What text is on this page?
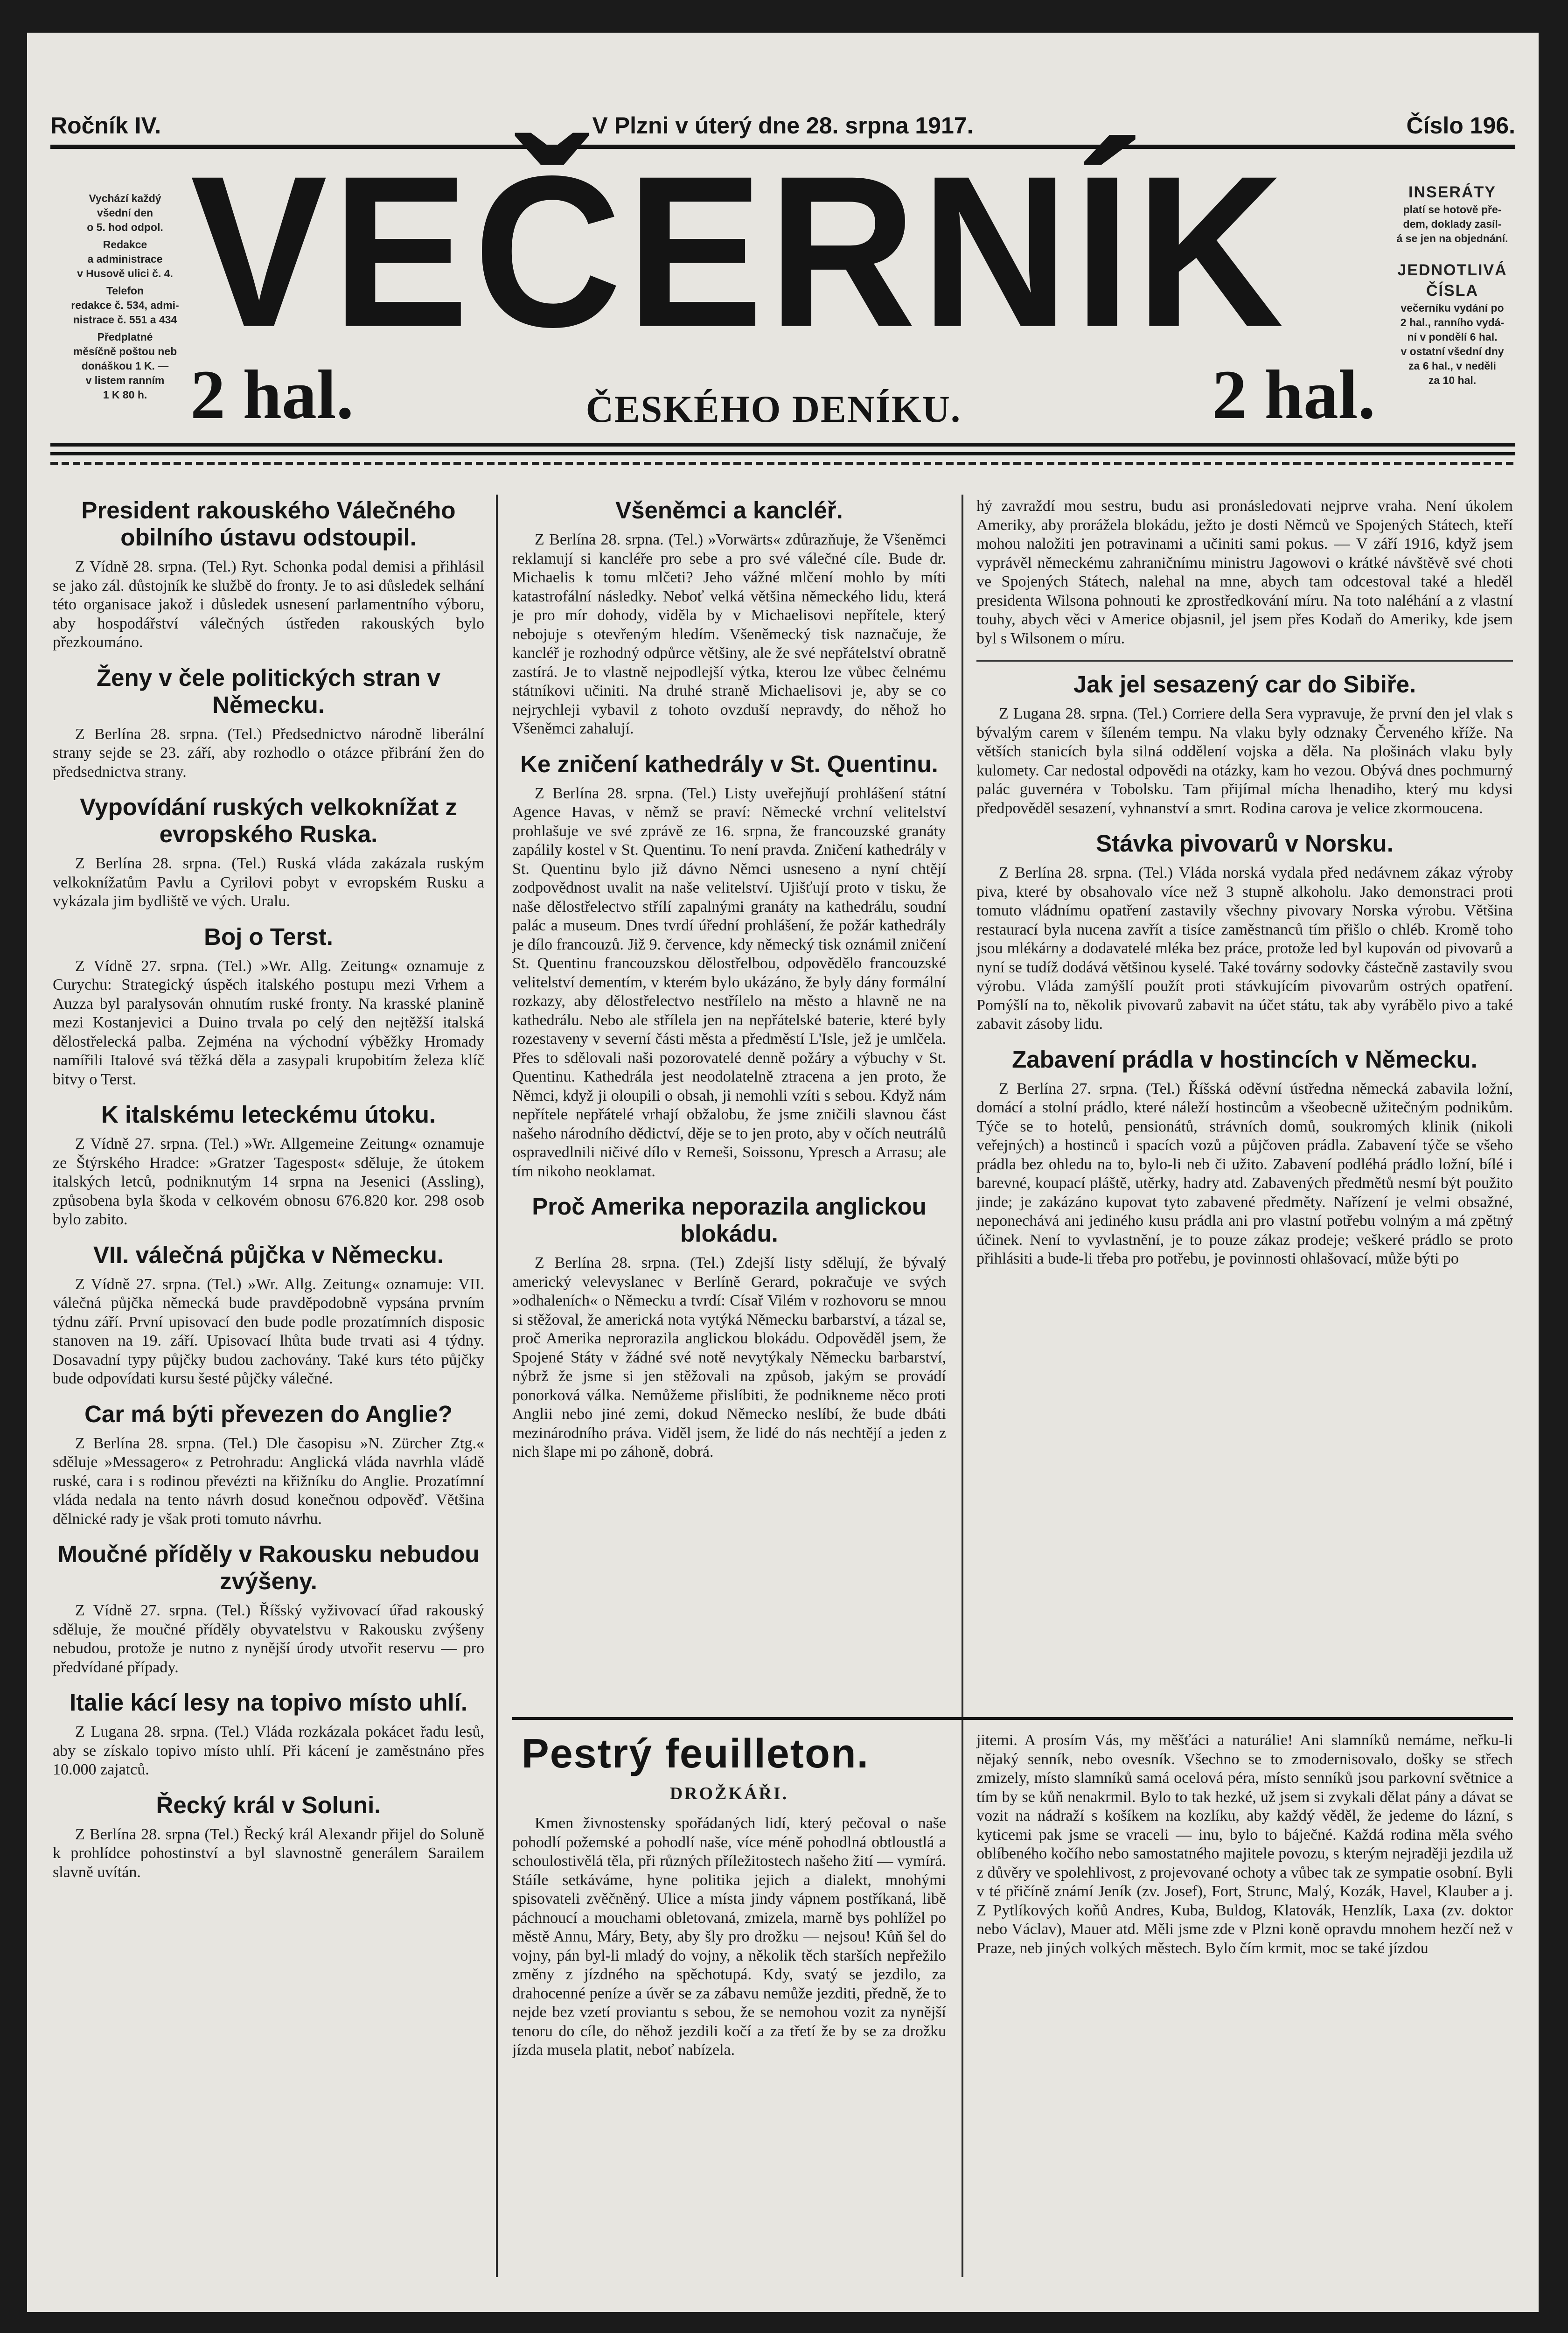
Ročník IV.	V Plzni v úterý dne 28. srpna 1917.	Číslo 196.
Vychází každý
všední den
o 5. hod odpol.
Redakce
a administrace
v Husově ulici č. 4.
Telefon
redakce č. 534, admi-
nistrace č. 551 a 434
Předplatné
měsíčně poštou neb
donáškou 1 K. —
v listem ranním
1 K 80 h.
VEČERNÍK
2 hal.	ČESKÉHO DENÍKU.	2 hal.
INSERÁTY
platí se hotově pře-
dem, doklady zasíl-
á se jen na objednání.
JEDNOTLIVÁ ČÍSLA
večerníku vydání po
2 hal., ranního vydá-
ní v pondělí 6 hal.
v ostatní všední dny
za 6 hal., v neděli
za 10 hal.
President rakouského Válečného obilního ústavu odstoupil.

Z Vídně 28. srpna. (Tel.) Ryt. Schonka podal demisi a přihlásil se jako zál. důstojník ke službě do fronty. Je to asi důsledek selhání této organisace jakož i důsledek usnesení parlamentního výboru, aby hospodářství válečných ústředen rakouských bylo přezkoumáno.

Ženy v čele politických stran v Německu.

Z Berlína 28. srpna. (Tel.) Předsednictvo národně liberální strany sejde se 23. září, aby rozhodlo o otázce přibrání žen do předsednictva strany.

Vypovídání ruských velkoknížat z evropského Ruska.

Z Berlína 28. srpna. (Tel.) Ruská vláda zakázala ruským velkoknížatům Pavlu a Cyrilovi pobyt v evropském Rusku a vykázala jim bydliště ve vých. Uralu.

Boj o Terst.

Z Vídně 27. srpna. (Tel.) »Wr. Allg. Zeitung« oznamuje z Curychu: Strategický úspěch italského postupu mezi Vrhem a Auzza byl paralysován ohnutím ruské fronty. Na krasské planině mezi Kostanjevici a Duino trvala po celý den nejtěžší italská dělostřelecká palba. Zejména na východní výběžky Hromady namířili Italové svá těžká děla a zasypali krupobitím železa klíč bitvy o Terst.

K italskému leteckému útoku.

Z Vídně 27. srpna. (Tel.) »Wr. Allgemeine Zeitung« oznamuje ze Štýrského Hradce: »Gratzer Tagespost« sděluje, že útokem italských letců, podniknutým 14 srpna na Jesenici (Assling), způsobena byla škoda v celkovém obnosu 676.820 kor. 298 osob bylo zabito.

VII. válečná půjčka v Německu.

Z Vídně 27. srpna. (Tel.) »Wr. Allg. Zeitung« oznamuje: VII. válečná půjčka německá bude pravděpodobně vypsána prvním týdnu září. První upisovací den bude podle prozatímních disposic stanoven na 19. září. Upisovací lhůta bude trvati asi 4 týdny. Dosavadní typy půjčky budou zachovány. Také kurs této půjčky bude odpovídati kursu šesté půjčky válečné.

Car má býti převezen do Anglie?

Z Berlína 28. srpna. (Tel.) Dle časopisu »N. Zürcher Ztg.« sděluje »Messagero« z Petrohradu: Anglická vláda navrhla vládě ruské, cara i s rodinou převézti na křižníku do Anglie. Prozatímní vláda nedala na tento návrh dosud konečnou odpověď. Většina dělnické rady je však proti tomuto návrhu.

Moučné příděly v Rakousku nebudou zvýšeny.

Z Vídně 27. srpna. (Tel.) Říšský vyživovací úřad rakouský sděluje, že moučné příděly obyvatelstvu v Rakousku zvýšeny nebudou, protože je nutno z nynější úrody utvořit reservu — pro předvídané případy.

Italie kácí lesy na topivo místo uhlí.

Z Lugana 28. srpna. (Tel.) Vláda rozkázala pokácet řadu lesů, aby se získalo topivo místo uhlí. Při kácení je zaměstnáno přes 10.000 zajatců.

Řecký král v Soluni.

Z Berlína 28. srpna (Tel.) Řecký král Alexandr přijel do Soluně k prohlídce pohostinství a byl slavnostně generálem Sarailem slavně uvítán.

Všeněmci a kancléř.

Z Berlína 28. srpna. (Tel.) »Vorwärts« zdůrazňuje, že Všeněmci reklamují si kancléře pro sebe a pro své válečné cíle. Bude dr. Michaelis k tomu mlčeti? Jeho vážné mlčení mohlo by míti katastrofální následky. Neboť velká většina německého lidu, která je pro mír dohody, viděla by v Michaelisovi nepřítele, který nebojuje s otevřeným hledím. Všeněmecký tisk naznačuje, že kancléř je rozhodný odpůrce většiny, ale že své nepřátelství obratně zastírá. Je to vlastně nejpodlejší výtka, kterou lze vůbec čelnému státníkovi učiniti. Na druhé straně Michaelisovi je, aby se co nejrychleji vybavil z tohoto ovzduší nepravdy, do něhož ho Všeněmci zahalují.

Ke zničení kathedrály v St. Quentinu.

Z Berlína 28. srpna. (Tel.) Listy uveřejňují prohlášení státní Agence Havas, v němž se praví: Německé vrchní velitelství prohlašuje ve své zprávě ze 16. srpna, že francouzské granáty zapálily kostel v St. Quentinu. To není pravda. Zničení kathedrály v St. Quentinu bylo již dávno Němci usneseno a nyní chtějí zodpovědnost uvalit na naše velitelství. Ujišťují proto v tisku, že naše dělostřelectvo střílí zapalnými granáty na kathedrálu, soudní palác a museum. Dnes tvrdí úřední prohlášení, že požár kathedrály je dílo francouzů. Již 9. července, kdy německý tisk oznámil zničení St. Quentinu francouzskou dělostřelbou, odpovědělo francouzské velitelství dementím, v kterém bylo ukázáno, že byly dány formální rozkazy, aby dělostřelectvo nestřílelo na město a hlavně ne na kathedrálu. Nebo ale střílela jen na nepřátelské baterie, které byly rozestaveny v severní části města a předměstí L'Isle, jež je umlčela. Přes to sdělovali naši pozorovatelé denně požáry a výbuchy v St. Quentinu. Kathedrála jest neodolatelně ztracena a jen proto, že Němci, když ji oloupili o obsah, ji nemohli vzíti s sebou. Když nám nepřítele nepřátelé vrhají obžalobu, že jsme zničili slavnou část našeho národního dědictví, děje se to jen proto, aby v očích neutrálů ospravedlnili ničivé dílo v Remeši, Soissonu, Ypresch a Arrasu; ale tím nikoho neoklamat.

Proč Amerika neporazila anglickou blokádu.

Z Berlína 28. srpna. (Tel.) Zdejší listy sdělují, že bývalý americký velevyslanec v Berlíně Gerard, pokračuje ve svých »odhaleních« o Německu a tvrdí: Císař Vilém v rozhovoru se mnou si stěžoval, že americká nota vytýká Německu barbarství, a tázal se, proč Amerika neprorazila anglickou blokádu. Odpověděl jsem, že Spojené Státy v žádné své notě nevytýkaly Německu barbarství, nýbrž že jsme si jen stěžovali na způsob, jakým se provádí ponorková válka. Nemůžeme přislíbiti, že podnikneme něco proti Anglii nebo jiné zemi, dokud Německo neslíbí, že bude dbáti mezinárodního práva. Viděl jsem, že lidé do nás nechtějí a jeden z nich šlape mi po záhoně, dobrá.

hý zavraždí mou sestru, budu asi pronásledovati nejprve vraha. Není úkolem Ameriky, aby prorážela blokádu, ježto je dosti Němců ve Spojených Státech, kteří mohou naložiti jen potravinami a učiniti sami pokus. — V září 1916, když jsem vyprávěl německému zahraničnímu ministru Jagowovi o krátké návštěvě své choti ve Spojených Státech, nalehal na mne, abych tam odcestoval také a hleděl presidenta Wilsona pohnouti ke zprostředkování míru. Na toto naléhání a z vlastní touhy, abych věci v Americe objasnil, jel jsem přes Kodaň do Ameriky, kde jsem byl s Wilsonem o míru.

Jak jel sesazený car do Sibiře.

Z Lugana 28. srpna. (Tel.) Corriere della Sera vypravuje, že první den jel vlak s bývalým carem v šíleném tempu. Na vlaku byly odznaky Červeného kříže. Na větších stanicích byla silná oddělení vojska a děla. Na plošinách vlaku byly kulomety. Car nedostal odpovědi na otázky, kam ho vezou. Obývá dnes pochmurný palác guvernéra v Tobolsku. Tam přijímal mícha lhenadiho, který mu kdysi předpověděl sesazení, vyhnanství a smrt. Rodina carova je velice zkormoucena.

Stávka pivovarů v Norsku.

Z Berlína 28. srpna. (Tel.) Vláda norská vydala před nedávnem zákaz výroby piva, které by obsahovalo více než 3 stupně alkoholu. Jako demonstraci proti tomuto vládnímu opatření zastavily všechny pivovary Norska výrobu. Většina restaurací byla nucena zavřít a tisíce zaměstnanců tím přišlo o chléb. Kromě toho jsou mlékárny a dodavatelé mléka bez práce, protože led byl kupován od pivovarů a nyní se tudíž dodává většinou kyselé. Také továrny sodovky částečně zastavily svou výrobu. Vláda zamýšlí použít proti stávkujícím pivovarům ostrých opatření. Pomýšlí na to, několik pivovarů zabavit na účet státu, tak aby vyrábělo pivo a také zabavit zásoby lidu.

Zabavení prádla v hostincích v Německu.

Z Berlína 27. srpna. (Tel.) Říšská oděvní ústředna německá zabavila ložní, domácí a stolní prádlo, které náleží hostincům a všeobecně užitečným podnikům. Týče se to hotelů, pensionátů, strávních domů, soukromých klinik (nikoli veřejných) a hostinců i spacích vozů a půjčoven prádla. Zabavení týče se všeho prádla bez ohledu na to, bylo-li neb či užito. Zabavení podléhá prádlo ložní, bílé i barevné, koupací pláště, utěrky, hadry atd. Zabavených předmětů nesmí být použito jinde; je zakázáno kupovat tyto zabavené předměty. Nařízení je velmi obsažné, neponechává ani jediného kusu prádla ani pro vlastní potřebu volným a má zpětný účinek. Není to vyvlastnění, je to pouze zákaz prodeje; veškeré prádlo se proto přihlásiti a bude-li třeba pro potřebu, je povinnosti ohlašovací, může býti po

Pestrý feuilleton.
DROŽKÁŘI.

Kmen živnostensky spořádaných lidí, který pečoval o naše pohodlí požemské a pohodlí naše, více méně pohodlná obtloustlá a schoulostivělá těla, při různých příležitostech našeho žití — vymírá. Stáíle setkáváme, hyne politika jejich a dialekt, mnohými spisovateli zvěčněný. Ulice a místa jindy vápnem postříkaná, libě páchnoucí a mouchami obletovaná, zmizela, marně bys pohlížel po městě Annu, Máry, Bety, aby šly pro drožku — nejsou! Kůň šel do vojny, pán byl-li mladý do vojny, a několik těch starších nepřežilo změny z jízdného na spěchotupá. Kdy, svatý se jezdilo, za drahocenné peníze a úvěr se za zábavu nemůže jezditi, předně, že to nejde bez vzetí proviantu s sebou, že se nemohou vozit za nynější tenoru do cíle, do něhož jezdili kočí a za třetí že by se za drožku jízda musela platit, neboť nabízela.

jitemi. A prosím Vás, my měšťáci a naturálie! Ani slamníků nemáme, neřku-li nějaký senník, nebo ovesník. Všechno se to zmodernisovalo, došky se střech zmizely, místo slamníků samá ocelová péra, místo senníků jsou parkovní světnice a tím by se kůň nenakrmil. Bylo to tak hezké, už jsem si zvykali dělat pány a dávat se vozit na nádraží s košíkem na kozlíku, aby každý věděl, že jedeme do lázní, s kyticemi pak jsme se vraceli — inu, bylo to báječné. Každá rodina měla svého oblíbeného kočího nebo samostatného majitele povozu, s kterým nejraději jezdila už z důvěry ve spolehlivost, z projevované ochoty a vůbec tak ze sympatie osobní. Byli v té přičíně známí Jeník (zv. Josef), Fort, Strunc, Malý, Kozák, Havel, Klauber a j. Z Pytlíkových koňů Andres, Kuba, Buldog, Klatovák, Henzlík, Laxa (zv. doktor nebo Václav), Mauer atd. Měli jsme zde v Plzni koně opravdu mnohem hezčí než v Praze, neb jiných volkých městech. Bylo čím krmit, moc se také jízdou
